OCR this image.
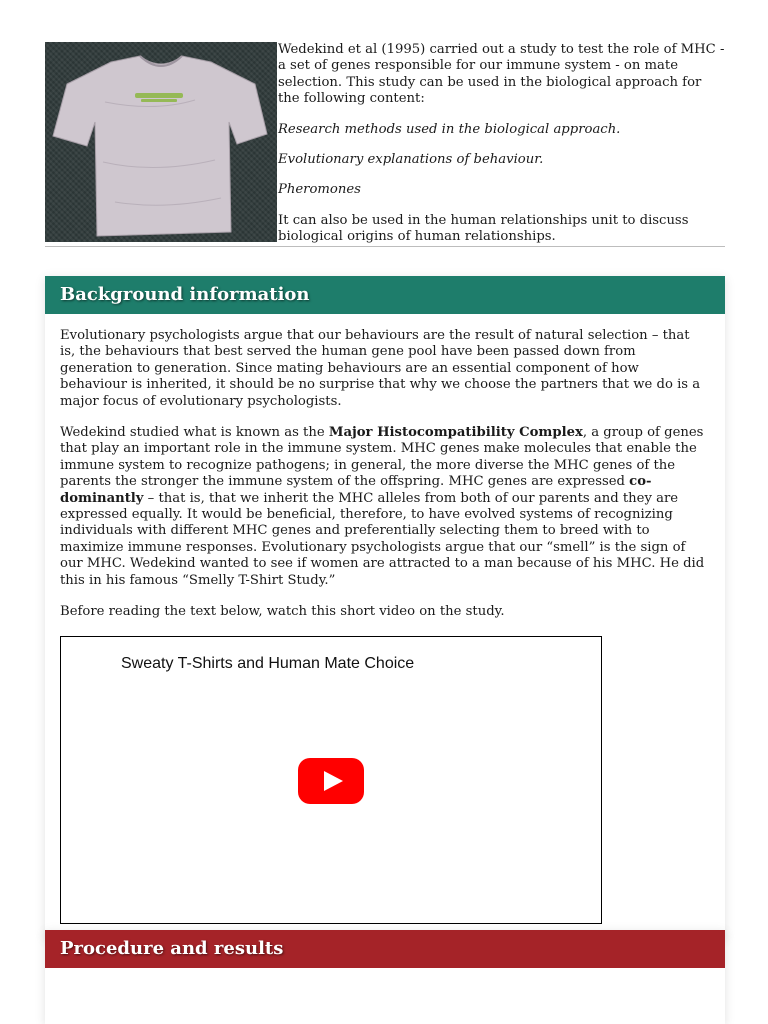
Wedekind et al (1995) carried out a study to test the role of MHC - a set of genes responsible for our immune system - on mate selection. This study can be used in the biological approach for the following content:

Research methods used in the biological approach.

Evolutionary explanations of behaviour.

Pheromones

It can also be used in the human relationships unit to discuss biological origins of human relationships.

Background information

Evolutionary psychologists argue that our behaviours are the result of natural selection – that is, the behaviours that best served the human gene pool have been passed down from generation to generation. Since mating behaviours are an essential component of how behaviour is inherited, it should be no surprise that why we choose the partners that we do is a major focus of evolutionary psychologists.

Wedekind studied what is known as the Major Histocompatibility Complex, a group of genes that play an important role in the immune system. MHC genes make molecules that enable the immune system to recognize pathogens; in general, the more diverse the MHC genes of the parents the stronger the immune system of the offspring. MHC genes are expressed co-dominantly – that is, that we inherit the MHC alleles from both of our parents and they are expressed equally. It would be beneficial, therefore, to have evolved systems of recognizing individuals with different MHC genes and preferentially selecting them to breed with to maximize immune responses. Evolutionary psychologists argue that our “smell” is the sign of our MHC. Wedekind wanted to see if women are attracted to a man because of his MHC. He did this in his famous “Smelly T-Shirt Study.”

Before reading the text below, watch this short video on the study.

Sweaty T-Shirts and Human Mate Choice
Procedure and results
